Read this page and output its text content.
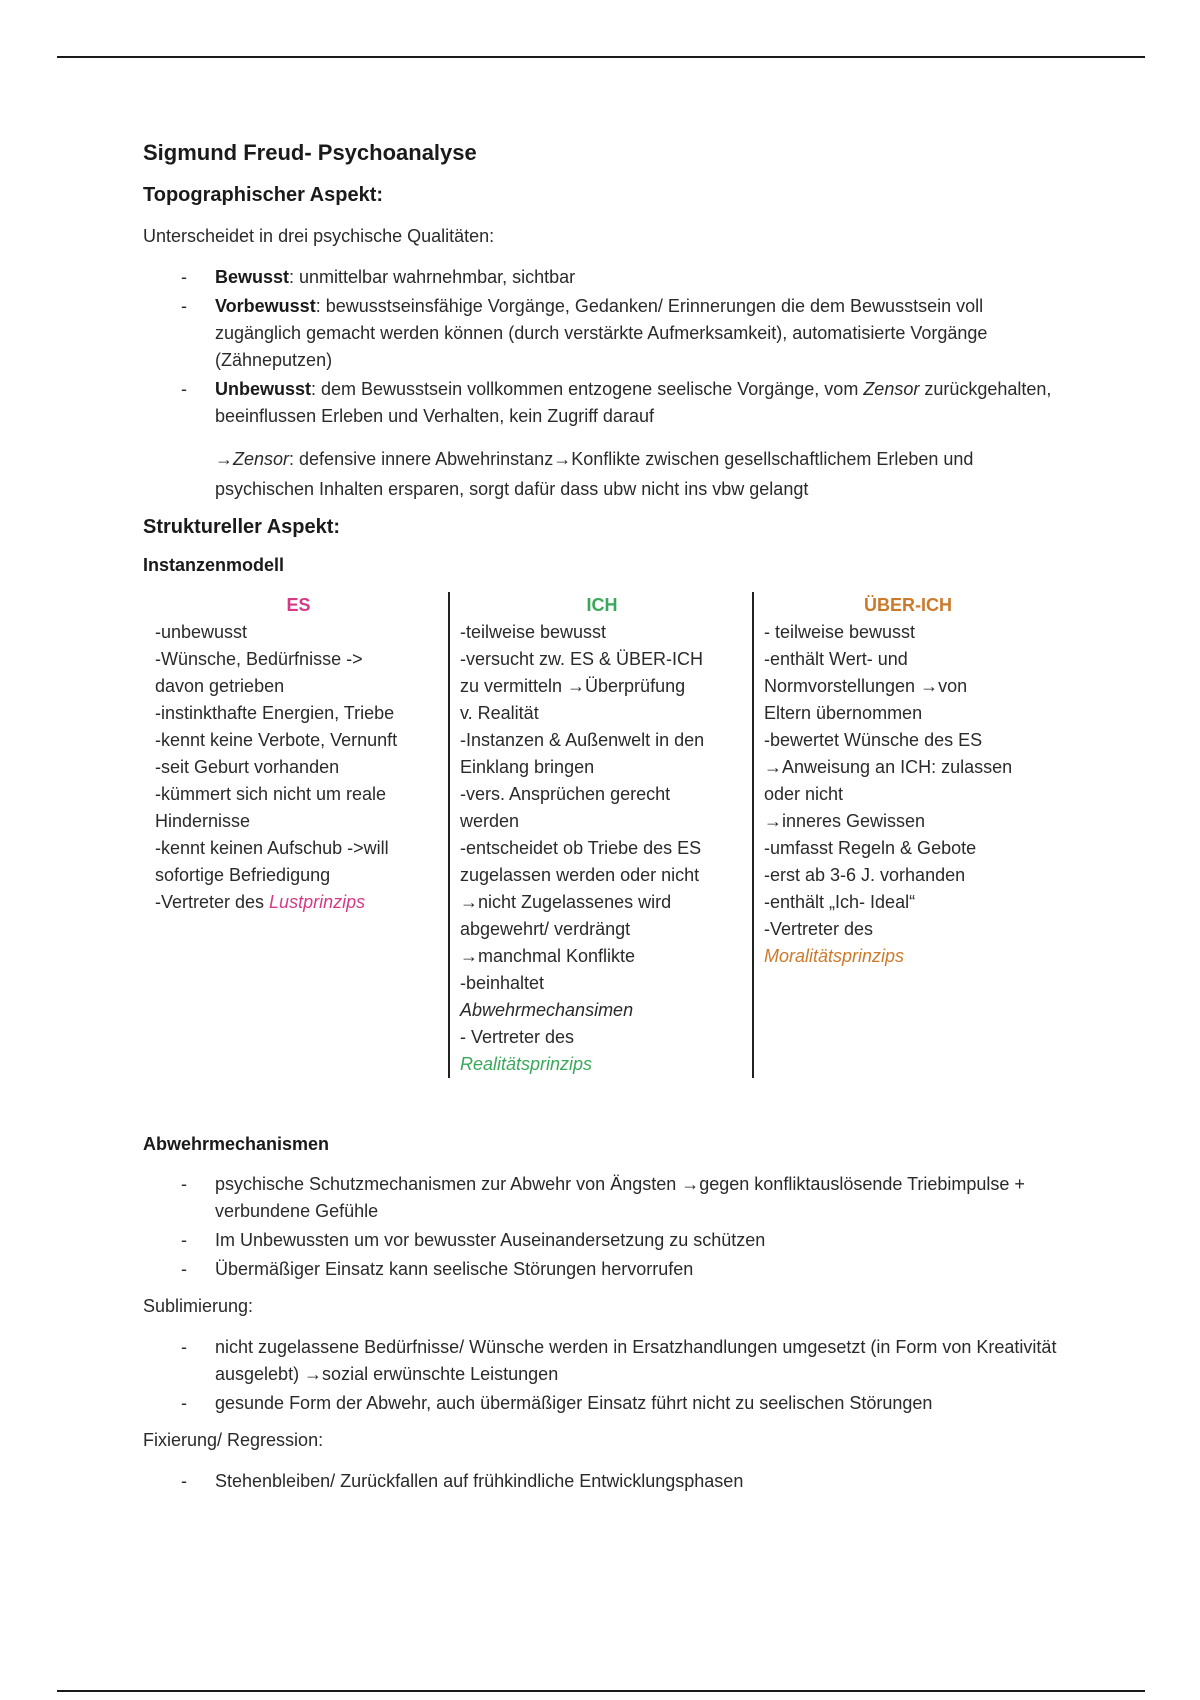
Sigmund Freud- Psychoanalyse
Topographischer Aspekt:

Unterscheidet in drei psychische Qualitäten:

- Bewusst: unmittelbar wahrnehmbar, sichtbar
- Vorbewusst: bewusstseinsfähige Vorgänge, Gedanken/ Erinnerungen die dem Bewusstsein voll zugänglich gemacht werden können (durch verstärkte Aufmerksamkeit), automatisierte Vorgänge (Zähneputzen)
- Unbewusst: dem Bewusstsein vollkommen entzogene seelische Vorgänge, vom Zensor zurückgehalten, beeinflussen Erleben und Verhalten, kein Zugriff darauf
→Zensor: defensive innere Abwehrinstanz→Konflikte zwischen gesellschaftlichem Erleben und psychischen Inhalten ersparen, sorgt dafür dass ubw nicht ins vbw gelangt
Struktureller Aspekt:
Instanzenmodell
ES
-unbewusst
-Wünsche, Bedürfnisse ->
davon getrieben
-instinkthafte Energien, Triebe
-kennt keine Verbote, Vernunft
-seit Geburt vorhanden
-kümmert sich nicht um reale
Hindernisse
-kennt keinen Aufschub ->will
sofortige Befriedigung
-Vertreter des Lustprinzips
ICH
-teilweise bewusst
-versucht zw. ES & ÜBER-ICH
zu vermitteln →Überprüfung
v. Realität
-Instanzen & Außenwelt in den
Einklang bringen
-vers. Ansprüchen gerecht
werden
-entscheidet ob Triebe des ES
zugelassen werden oder nicht
→nicht Zugelassenes wird
abgewehrt/ verdrängt
→manchmal Konflikte
-beinhaltet
Abwehrmechansimen
- Vertreter des
Realitätsprinzips
ÜBER-ICH
- teilweise bewusst
-enthält Wert- und
Normvorstellungen →von
Eltern übernommen
-bewertet Wünsche des ES
→Anweisung an ICH: zulassen
oder nicht
→inneres Gewissen
-umfasst Regeln & Gebote
-erst ab 3-6 J. vorhanden
-enthält „Ich- Ideal“
-Vertreter des
Moralitätsprinzips
Abwehrmechanismen
- psychische Schutzmechanismen zur Abwehr von Ängsten →gegen konfliktauslösende Triebimpulse + verbundene Gefühle
- Im Unbewussten um vor bewusster Auseinandersetzung zu schützen
- Übermäßiger Einsatz kann seelische Störungen hervorrufen

Sublimierung:

- nicht zugelassene Bedürfnisse/ Wünsche werden in Ersatzhandlungen umgesetzt (in Form von Kreativität ausgelebt) →sozial erwünschte Leistungen
- gesunde Form der Abwehr, auch übermäßiger Einsatz führt nicht zu seelischen Störungen

Fixierung/ Regression:

- Stehenbleiben/ Zurückfallen auf frühkindliche Entwicklungsphasen
